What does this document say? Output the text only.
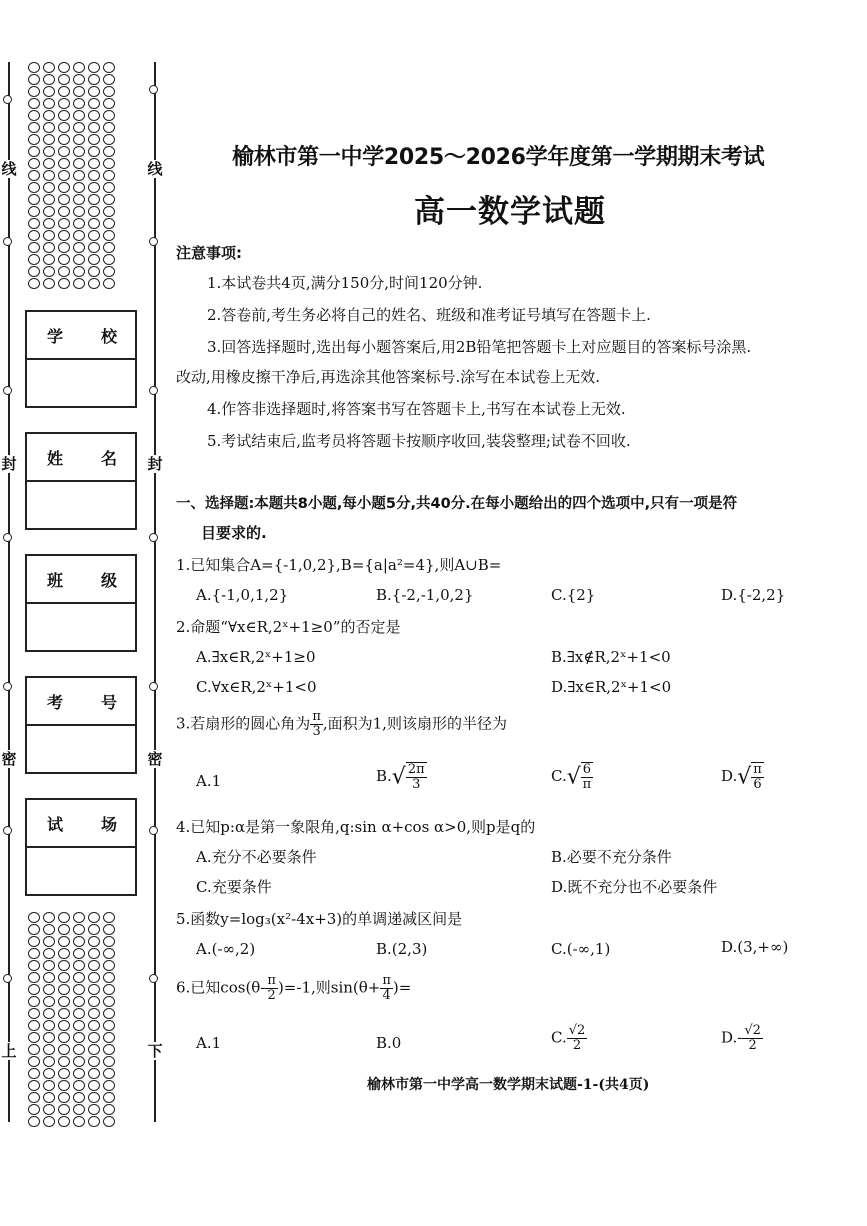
线	线
封	封
密	密
上	下
学 校
姓 名
班 级
考 号
试 场
榆林市第一中学2025～2026学年度第一学期期末考试
高一数学试题
注意事项:
1.本试卷共4页,满分150分,时间120分钟.
2.答卷前,考生务必将自己的姓名、班级和准考证号填写在答题卡上.
3.回答选择题时,选出每小题答案后,用2B铅笔把答题卡上对应题目的答案标号涂黑.
改动,用橡皮擦干净后,再选涂其他答案标号.涂写在本试卷上无效.
4.作答非选择题时,将答案书写在答题卡上,书写在本试卷上无效.
5.考试结束后,监考员将答题卡按顺序收回,装袋整理;试卷不回收.
一、选择题:本题共8小题,每小题5分,共40分.在每小题给出的四个选项中,只有一项是符
目要求的.
1.已知集合A={-1,0,2},B={a|a²=4},则A∪B=
A.{-1,0,1,2}	B.{-2,-1,0,2}	C.{2}	D.{-2,2}
2.命题“∀x∈R,2ˣ+1≥0”的否定是
A.∃x∈R,2ˣ+1≥0	B.∃x∉R,2ˣ+1<0
C.∀x∈R,2ˣ+1<0	D.∃x∈R,2ˣ+1<0
3.若扇形的圆心角为 $\frac{\pi}{3}$ ,面积为1,则该扇形的半径为
A.1	$B.√ \frac{2\pi}{3}$	$C.√ \frac{6}{\pi}$	$D.√ \frac{\pi}{6}$
4.已知p:α是第一象限角,q:sin α+cos α>0,则p是q的
A.充分不必要条件	B.必要不充分条件
C.充要条件	D.既不充分也不必要条件
5.函数y=log₃(x²-4x+3)的单调递减区间是
A.(-∞,2)	B.(2,3)	C.(-∞,1)	D.(3,+∞)
6.已知$\cos(\theta- \frac{\pi}{2} )=-1$,则$\sin(\theta+ \frac{\pi}{4}$ )=
A.1	B.0	C. $\frac{√2}{2}$	$D.- \frac{√2}{2}$
榆林市第一中学高一数学期末试题-1-(共4页)
